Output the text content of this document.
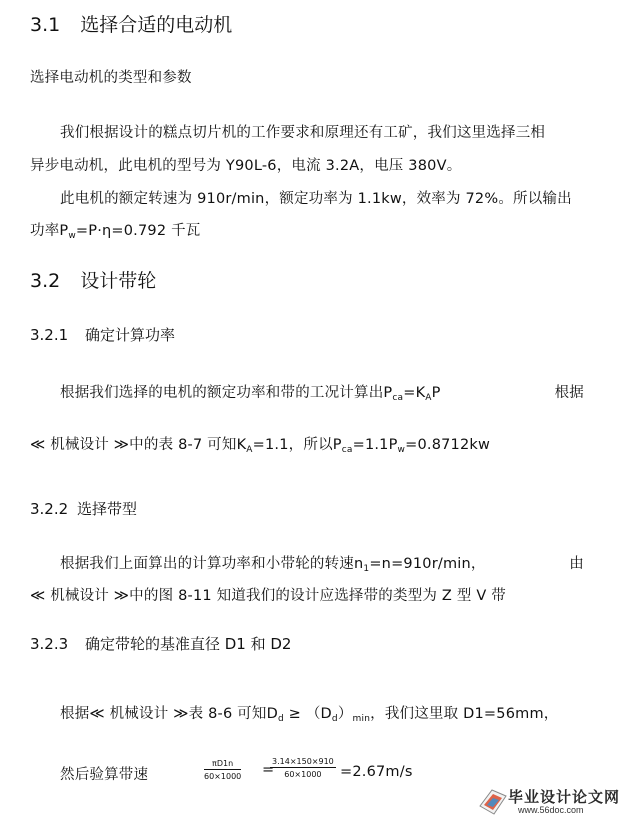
3.1 选择合适的电动机
选择电动机的类型和参数
我们根据设计的糕点切片机的工作要求和原理还有工矿，我们这里选择三相
异步电动机，此电机的型号为 Y90L-6，电流 3.2A，电压 380V。
此电机的额定转速为 910r/min，额定功率为 1.1kw，效率为 72%。所以输出
功率$P_w=P\cdot\eta=0.792$ 千瓦
3.2 设计带轮
3.2.1 确定计算功率
根据我们选择的电机的额定功率和带的工况计算出$P_{ca}=K_AP$	根据
≪ 机械设计 ≫中的表 8-7 可知$K_A=1.1$，所以$P_{ca}=1.1P_w=0.8712kw$
3.2.2 选择带型
根据我们上面算出的计算功率和小带轮的转速$n_1=n=910r/\min$，	由
≪ 机械设计 ≫中的图 8-11 知道我们的设计应选择带的类型为 Z 型 V 带
3.2.3 确定带轮的基准直径 D1 和 D2
根据≪ 机械设计 ≫表 8-6 可知$D_d \ge (D_d)_{min}$，我们这里取 D1=56mm，
然后验算带速	$\frac{\pi D1n}{60\times 1000}$ =
$\frac{3.14\times 150\times 910}{60\times 1000} =2.67m/s$
毕业设计论文网
www.56doc.com
